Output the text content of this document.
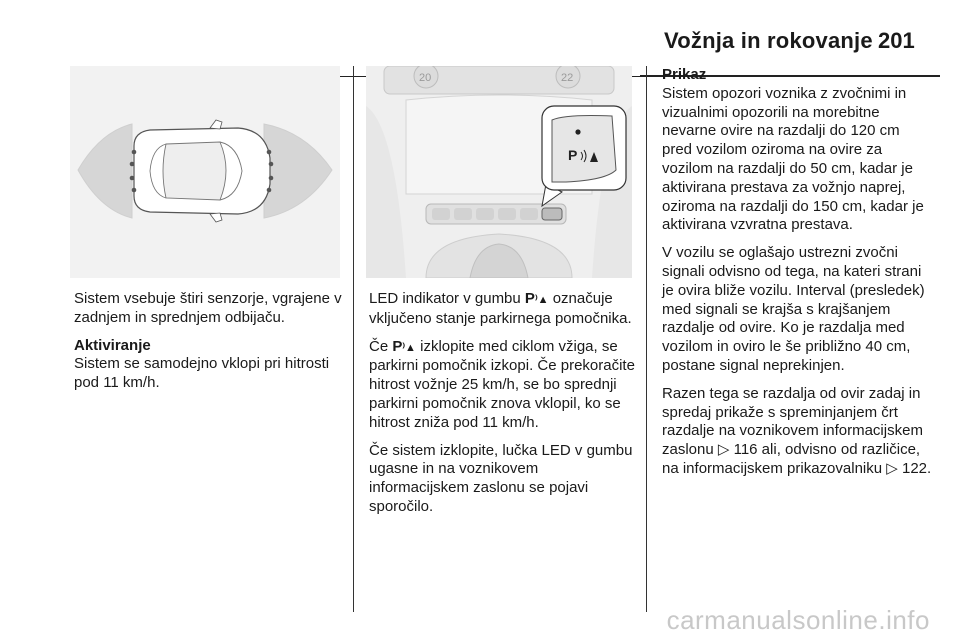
Vožnja in rokovanje 201
20	22
P

Sistem vsebuje štiri senzorje, vgrajene v zadnjem in sprednjem odbijaču.

Aktiviranje
Sistem se samodejno vklopi pri hitrosti pod 11 km/h.

LED indikator v gumbu P⁾▲ označuje vključeno stanje parkirnega pomočnika.

Če P⁾▲ izklopite med ciklom vžiga, se parkirni pomočnik izkopi. Če prekoračite hitrost vožnje 25 km/h, se bo sprednji parkirni pomočnik znova vklopil, ko se hitrost zniža pod 11 km/h.

Če sistem izklopite, lučka LED v gumbu ugasne in na voznikovem informacijskem zaslonu se pojavi sporočilo.

Prikaz
Sistem opozori voznika z zvočnimi in vizualnimi opozorili na morebitne nevarne ovire na razdalji do 120 cm pred vozilom oziroma na ovire za vozilom na razdalji do 50 cm, kadar je aktivirana prestava za vožnjo naprej, oziroma na razdalji do 150 cm, kadar je aktivirana vzvratna prestava.

V vozilu se oglašajo ustrezni zvočni signali odvisno od tega, na kateri strani je ovira bliže vozilu. Interval (presledek) med signali se krajša s krajšanjem razdalje od ovire. Ko je razdalja med vozilom in oviro le še približno 40 cm, postane signal neprekinjen.

Razen tega se razdalja od ovir zadaj in spredaj prikaže s spreminjanjem črt razdalje na voznikovem informacijskem zaslonu ▷ 116 ali, odvisno od različice, na informacijskem prikazovalniku ▷ 122.

carmanualsonline.info
